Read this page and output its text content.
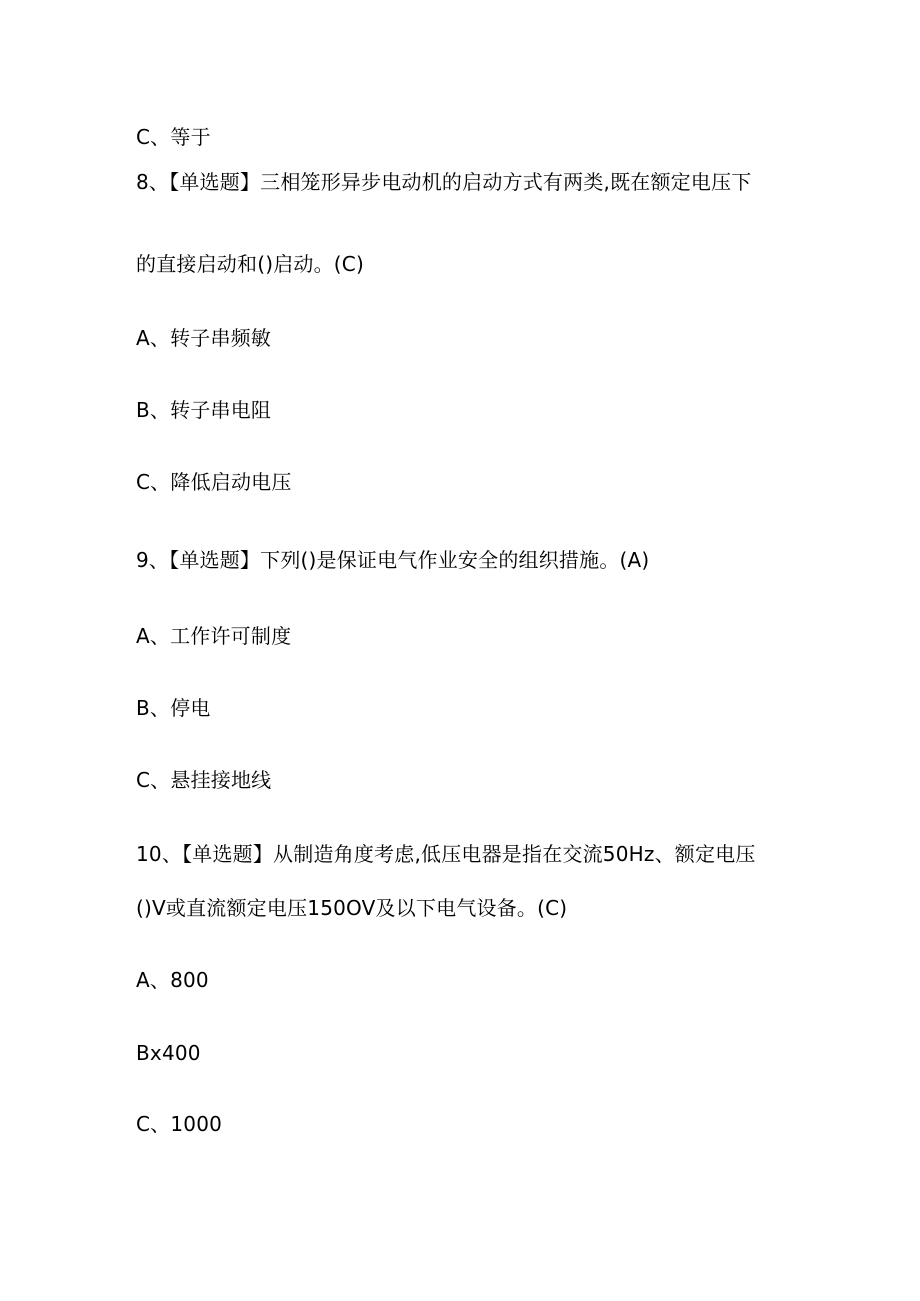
C、等于
8、【单选题】三相笼形异步电动机的启动方式有两类,既在额定电压下
的直接启动和()启动。(C)
A、转子串频敏
B、转子串电阻
C、降低启动电压
9、【单选题】下列()是保证电气作业安全的组织措施。(A)
A、工作许可制度
B、停电
C、悬挂接地线
10、【单选题】从制造角度考虑,低压电器是指在交流50Hz、额定电压
()V或直流额定电压150OV及以下电气设备。(C)
A、800
Bx400
C、1000
